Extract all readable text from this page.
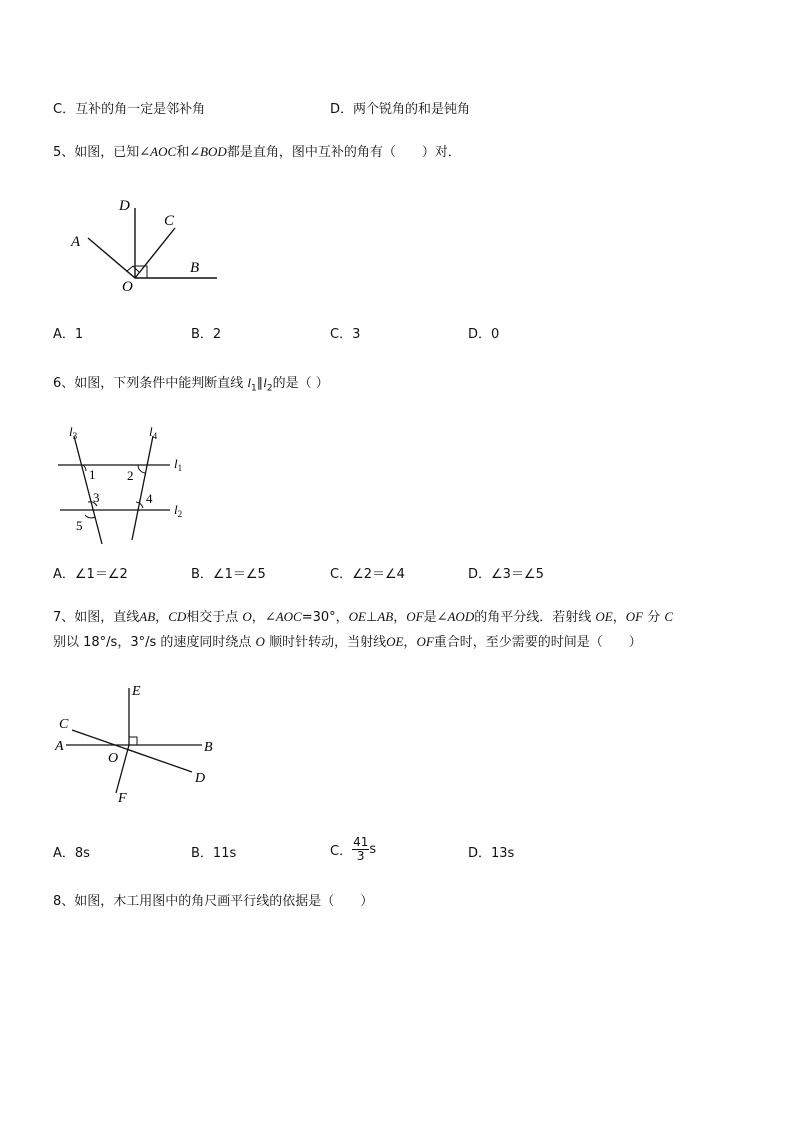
C．互补的角一定是邻补角	D．两个锐角的和是钝角
5、如图，已知∠AOC和∠BOD都是直角，图中互补的角有（　　）对．
D
C
A
B
O
A．1	B．2	C．3	D．0
6、如图，下列条件中能判断直线 $l_1\parallel l_2$的是（ ）
$l_3$	$l_4$
$l_1$
$l_2$
1 2
3	4
5
A．∠1＝∠2	B．∠1＝∠5	C．∠2＝∠4	D．∠3＝∠5
7、如图，直线AB，CD相交于点 O，∠AOC=30°，OE⊥AB，OF是∠AOD的角平分线．若射线 OE，OF 分 C
别以 18°/s，3°/s 的速度同时绕点 O 顺时针转动，当射线OE，OF重合时，至少需要的时间是（　　）
E
C
A	B
O
D
F
A．8s	B．11s	C． $\frac{41}{3}$ s	D．13s
8、如图，木工用图中的角尺画平行线的依据是（　　）
